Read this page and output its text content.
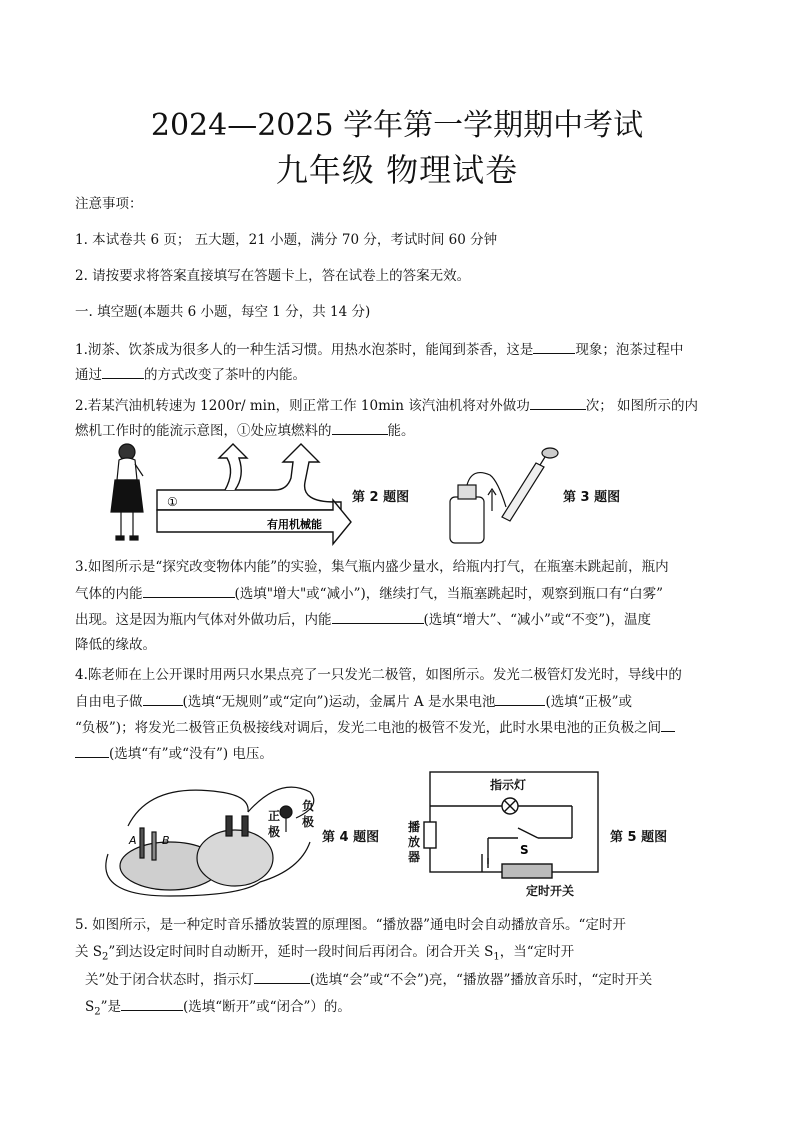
2024—2025 学年第一学期期中考试
九年级 物理试卷
注意事项：
1. 本试卷共 6 页； 五大题，21 小题，满分 70 分，考试时间 60 分钟
2. 请按要求将答案直接填写在答题卡上，答在试卷上的答案无效。
一. 填空题(本题共 6 小题，每空 1 分，共 14 分)
1.沏茶、饮茶成为很多人的一种生活习惯。用热水泡茶时，能闻到茶香，这是	现象；泡茶过程中
通过	的方式改变了茶叶的内能。
2.若某汽油机转速为 1200r/ min，则正常工作 10min 该汽油机将对外做功	次； 如图所示的内
燃机工作时的能流示意图，①处应填燃料的	能。
①
有用机械能
第 2 题图	第 3 题图
3.如图所示是“探究改变物体内能”的实验，集气瓶内盛少量水，给瓶内打气，在瓶塞未跳起前，瓶内
气体的内能	(选填"增大"或“减小”)，继续打气，当瓶塞跳起时，观察到瓶口有“白雾”
出现。这是因为瓶内气体对外做功后，内能	(选填“增大”、“减小”或“不变”)，温度
降低的缘故。
4.陈老师在上公开课时用两只水果点亮了一只发光二极管，如图所示。发光二极管灯发光时，导线中的
自由电子做	(选填“无规则”或“定向”)运动，金属片 A 是水果电池	(选填“正极”或
“负极”)；将发光二极管正负极接线对调后，发光二电池的极管不发光，此时水果电池的正负极之间
(选填“有”或“没有”) 电压。
A B
正极
负极
第 4 题图
S
指示灯
播放器
定时开关
第 5 题图
5. 如图所示，是一种定时音乐播放装置的原理图。“播放器”通电时会自动播放音乐。“定时开
关 $S_2$”到达设定时间时自动断开，延时一段时间后再闭合。闭合开关 $S_1$，当“定时开
关”处于闭合状态时，指示灯	(选填“会”或“不会”)亮，“播放器”播放音乐时，“定时开关
$S_2$”是	(选填“断开”或“闭合”）的。
